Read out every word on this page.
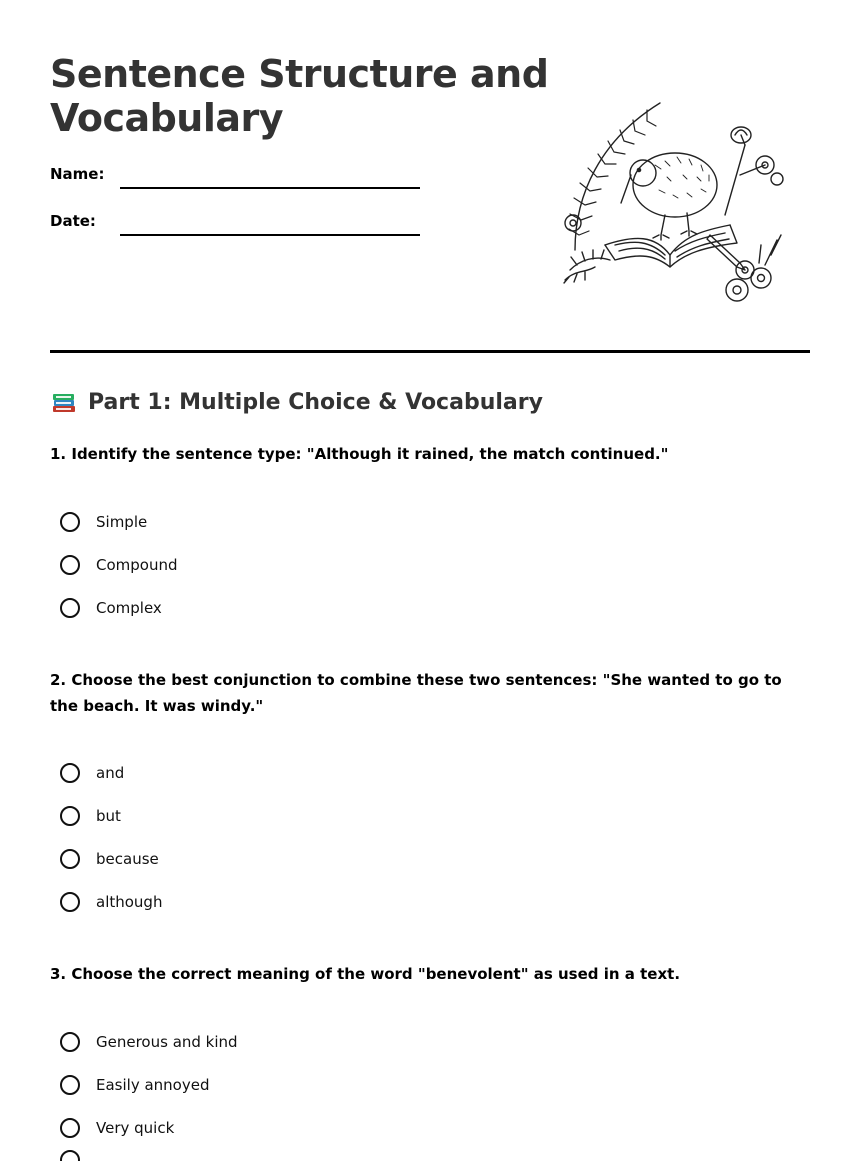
Sentence Structure and Vocabulary
Name:
Date:
Part 1: Multiple Choice & Vocabulary

1. Identify the sentence type: "Although it rained, the match continued."

Simple
Compound
Complex

2. Choose the best conjunction to combine these two sentences: "She wanted to go to the beach. It was windy."

and
but
because
although

3. Choose the correct meaning of the word "benevolent" as used in a text.

Generous and kind
Easily annoyed
Very quick
